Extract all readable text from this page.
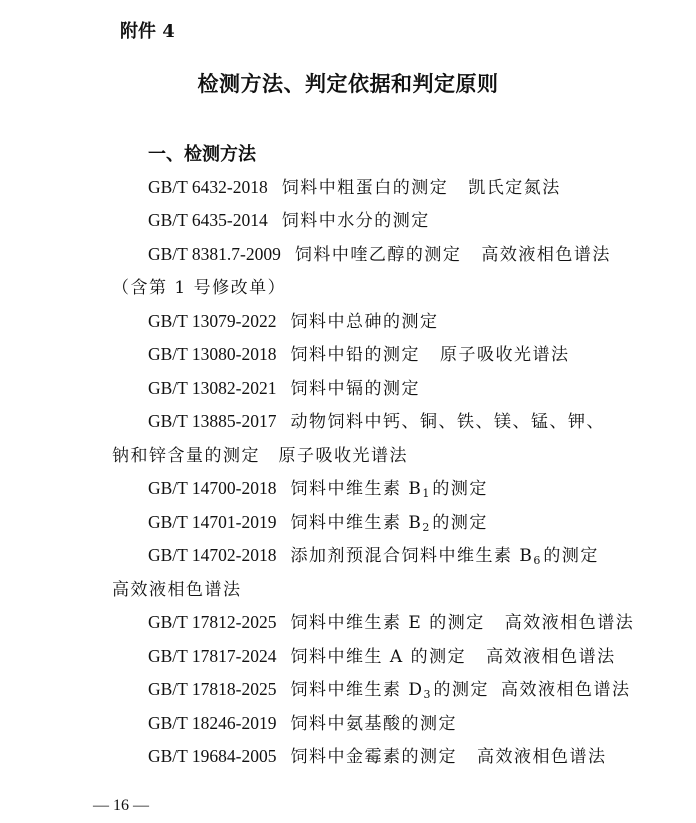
附件 4
检测方法、判定依据和判定原则
一、检测方法
GB/T 6432-2018 饲料中粗蛋白的测定 凯氏定氮法
GB/T 6435-2014 饲料中水分的测定
GB/T 8381.7-2009 饲料中喹乙醇的测定 高效液相色谱法
（含第 1 号修改单）
GB/T 13079-2022 饲料中总砷的测定
GB/T 13080-2018 饲料中铅的测定 原子吸收光谱法
GB/T 13082-2021 饲料中镉的测定
GB/T 13885-2017 动物饲料中钙、铜、铁、镁、锰、钾、
钠和锌含量的测定　原子吸收光谱法
GB/T 14700-2018 饲料中维生素 $B_1$ 的测定
GB/T 14701-2019 饲料中维生素 $B_2$ 的测定
GB/T 14702-2018 添加剂预混合饲料中维生素 $B_6$ 的测定
高效液相色谱法
GB/T 17812-2025 饲料中维生素 E 的测定 高效液相色谱法
GB/T 17817-2024 饲料中维生 A 的测定 高效液相色谱法
GB/T 17818-2025 饲料中维生素 $D_3$ 的测定 高效液相色谱法
GB/T 18246-2019 饲料中氨基酸的测定
GB/T 19684-2005 饲料中金霉素的测定 高效液相色谱法
— 16 —
